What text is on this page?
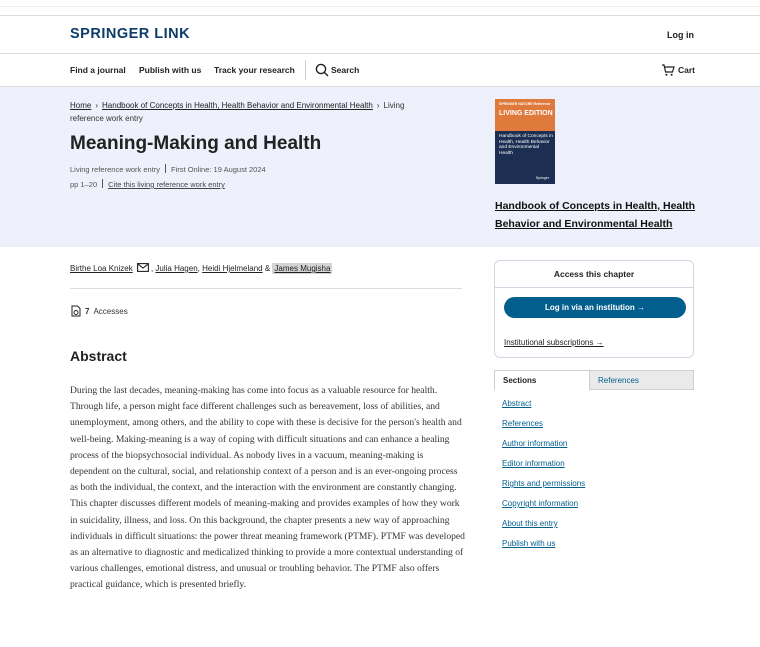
SPRINGER LINK	Log in
Find a journal Publish with us Track your research	Search	Cart
Home › Handbook of Concepts in Health, Health Behavior and Environmental Health › Living reference work entry
Meaning-Making and Health
Living reference work entry First Online: 19 August 2024
pp 1–20 Cite this living reference work entry
SPRINGER NATURE Reference
LIVING EDITION
Handbook of Concepts in Health, Health Behavior and Environmental Health
Springer
Handbook of Concepts in Health, Health Behavior and Environmental Health
Birthe Loa Knizek , Julia Hagen, Heidi Hjelmeland & James Mugisha
7 Accesses
Abstract

During the last decades, meaning-making has come into focus as a valuable resource for health. Through life, a person might face different challenges such as bereavement, loss of abilities, and unemployment, among others, and the ability to cope with these is decisive for the person's health and well-being. Making-meaning is a way of coping with difficult situations and can enhance a healing process of the biopsychosocial individual. As nobody lives in a vacuum, meaning-making is dependent on the cultural, social, and relationship context of a person and is an ever-ongoing process as both the individual, the context, and the interaction with the environment are constantly changing. This chapter discusses different models of meaning-making and provides examples of how they work in suicidality, illness, and loss. On this background, the chapter presents a new way of approaching individuals in difficult situations: the power threat meaning framework (PTMF). PTMF was developed as an alternative to diagnostic and medicalized thinking to provide a more contextual understanding of various challenges, emotional distress, and unusual or troubling behavior. The PTMF also offers practical guidance, which is presented briefly.

Access this chapter
Log in via an institution →
Institutional subscriptions →
Sections	References
Abstract
References
Author information
Editor information
Rights and permissions
Copyright information
About this entry
Publish with us
